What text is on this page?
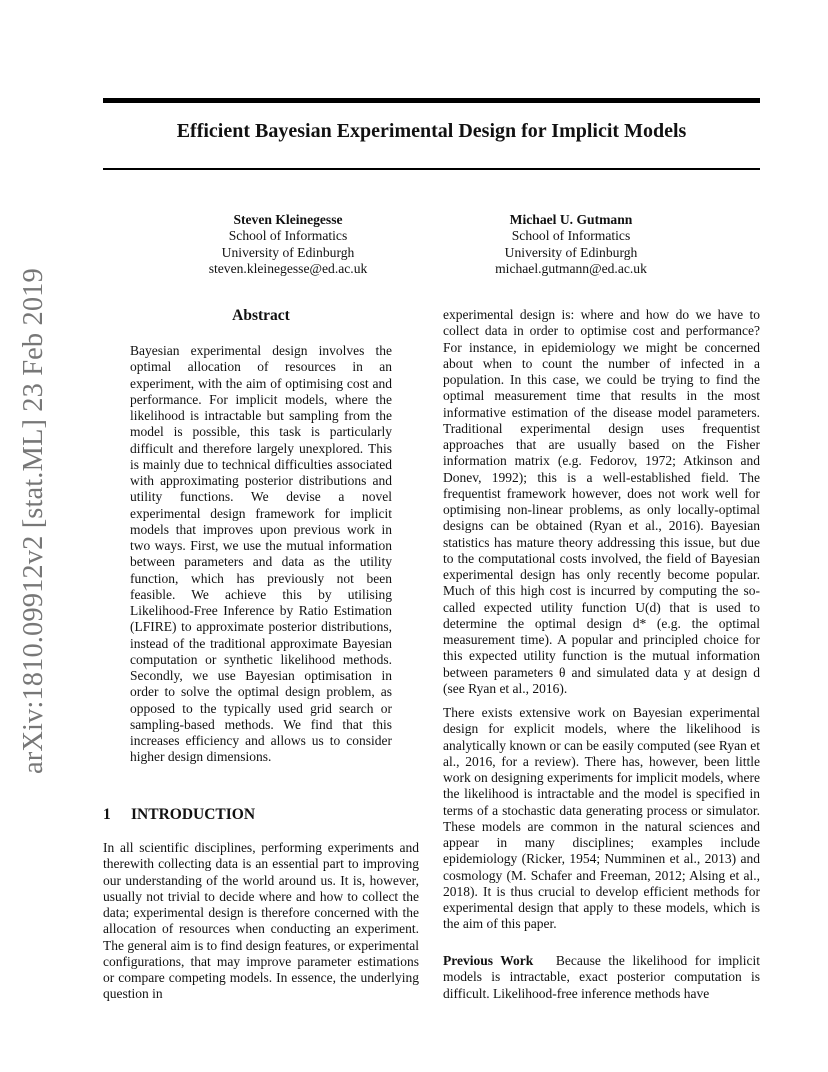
Efficient Bayesian Experimental Design for Implicit Models
Steven Kleinegesse
School of Informatics
University of Edinburgh
steven.kleinegesse@ed.ac.uk
Michael U. Gutmann
School of Informatics
University of Edinburgh
michael.gutmann@ed.ac.uk
arXiv:1810.09912v2 [stat.ML] 23 Feb 2019	Abstract

Bayesian experimental design involves the optimal allocation of resources in an experiment, with the aim of optimising cost and performance. For implicit models, where the likelihood is intractable but sampling from the model is possible, this task is particularly difficult and therefore largely unexplored. This is mainly due to technical difficulties associated with approximating posterior distributions and utility functions. We devise a novel experimental design framework for implicit models that improves upon previous work in two ways. First, we use the mutual information between parameters and data as the utility function, which has previously not been feasible. We achieve this by utilising Likelihood-Free Inference by Ratio Estimation (LFIRE) to approximate posterior distributions, instead of the traditional approximate Bayesian computation or synthetic likelihood methods. Secondly, we use Bayesian optimisation in order to solve the optimal design problem, as opposed to the typically used grid search or sampling-based methods. We find that this increases efficiency and allows us to consider higher design dimensions.

1 INTRODUCTION

In all scientific disciplines, performing experiments and therewith collecting data is an essential part to improving our understanding of the world around us. It is, however, usually not trivial to decide where and how to collect the data; experimental design is therefore concerned with the allocation of resources when conducting an experiment. The general aim is to find design features, or experimental configurations, that may improve parameter estimations or compare competing models. In essence, the underlying question in

experimental design is: where and how do we have to collect data in order to optimise cost and performance? For instance, in epidemiology we might be concerned about when to count the number of infected in a population. In this case, we could be trying to find the optimal measurement time that results in the most informative estimation of the disease model parameters. Traditional experimental design uses frequentist approaches that are usually based on the Fisher information matrix (e.g. Fedorov, 1972; Atkinson and Donev, 1992); this is a well-established field. The frequentist framework however, does not work well for optimising non-linear problems, as only locally-optimal designs can be obtained (Ryan et al., 2016). Bayesian statistics has mature theory addressing this issue, but due to the computational costs involved, the field of Bayesian experimental design has only recently become popular. Much of this high cost is incurred by computing the so-called expected utility function U(d) that is used to determine the optimal design d* (e.g. the optimal measurement time). A popular and principled choice for this expected utility function is the mutual information between parameters θ and simulated data y at design d (see Ryan et al., 2016).

There exists extensive work on Bayesian experimental design for explicit models, where the likelihood is analytically known or can be easily computed (see Ryan et al., 2016, for a review). There has, however, been little work on designing experiments for implicit models, where the likelihood is intractable and the model is specified in terms of a stochastic data generating process or simulator. These models are common in the natural sciences and appear in many disciplines; examples include epidemiology (Ricker, 1954; Numminen et al., 2013) and cosmology (M. Schafer and Freeman, 2012; Alsing et al., 2018). It is thus crucial to develop efficient methods for experimental design that apply to these models, which is the aim of this paper.

Previous Work Because the likelihood for implicit models is intractable, exact posterior computation is difficult. Likelihood-free inference methods have
